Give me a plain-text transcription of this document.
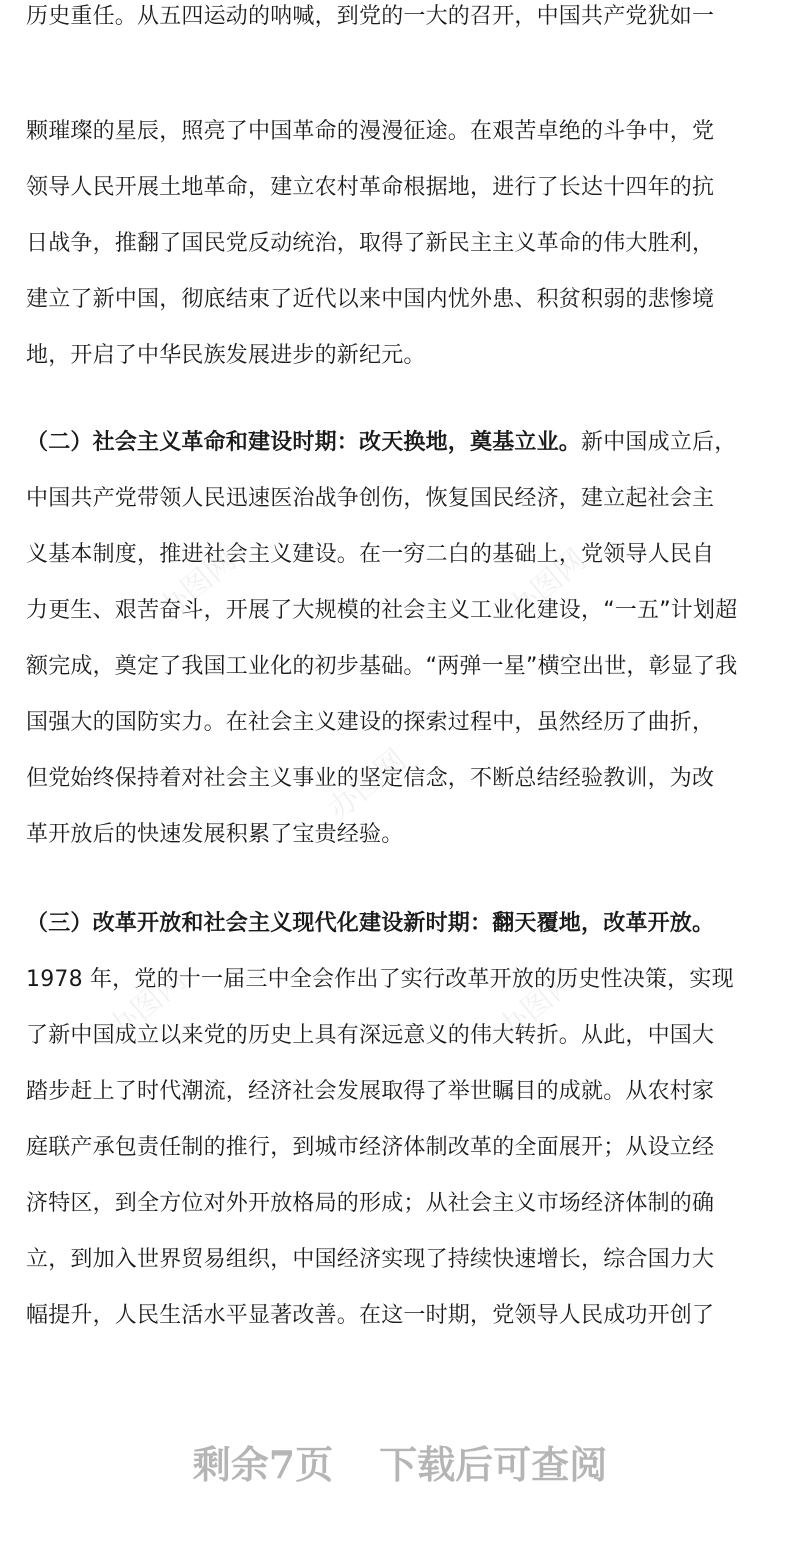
办图网	办图网
办图网
办图网	办图网
历史重任。从五四运动的呐喊，到党的一大的召开，中国共产党犹如一
颗璀璨的星辰，照亮了中国革命的漫漫征途。在艰苦卓绝的斗争中，党
领导人民开展土地革命，建立农村革命根据地，进行了长达十四年的抗
日战争，推翻了国民党反动统治，取得了新民主主义革命的伟大胜利，
建立了新中国，彻底结束了近代以来中国内忧外患、积贫积弱的悲惨境
地，开启了中华民族发展进步的新纪元。
（二）社会主义革命和建设时期：改天换地，奠基立业。新中国成立后，
中国共产党带领人民迅速医治战争创伤，恢复国民经济，建立起社会主
义基本制度，推进社会主义建设。在一穷二白的基础上，党领导人民自
力更生、艰苦奋斗，开展了大规模的社会主义工业化建设，“一五”计划超
额完成，奠定了我国工业化的初步基础。“两弹一星”横空出世，彰显了我
国强大的国防实力。在社会主义建设的探索过程中，虽然经历了曲折，
但党始终保持着对社会主义事业的坚定信念，不断总结经验教训，为改
革开放后的快速发展积累了宝贵经验。
（三）改革开放和社会主义现代化建设新时期：翻天覆地，改革开放。
1978 年，党的十一届三中全会作出了实行改革开放的历史性决策，实现
了新中国成立以来党的历史上具有深远意义的伟大转折。从此，中国大
踏步赶上了时代潮流，经济社会发展取得了举世瞩目的成就。从农村家
庭联产承包责任制的推行，到城市经济体制改革的全面展开；从设立经
济特区，到全方位对外开放格局的形成；从社会主义市场经济体制的确
立，到加入世界贸易组织，中国经济实现了持续快速增长，综合国力大
幅提升，人民生活水平显著改善。在这一时期，党领导人民成功开创了
剩余7页 下载后可查阅
